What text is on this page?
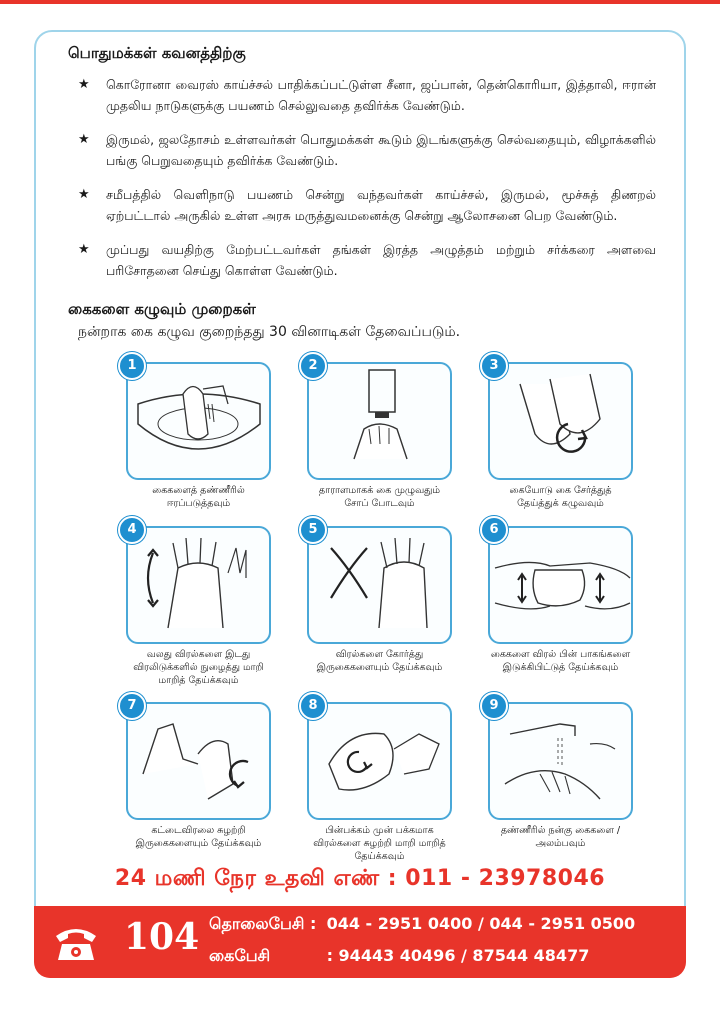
பொதுமக்கள் கவனத்திற்கு
★ கொரோனா வைரஸ் காய்ச்சல் பாதிக்கப்பட்டுள்ள சீனா, ஜப்பான், தென்கொரியா, இத்தாலி, ஈரான் முதலிய நாடுகளுக்கு பயணம் செல்லுவதை தவிர்க்க வேண்டும்.
★ இருமல், ஜலதோசம் உள்ளவர்கள் பொதுமக்கள் கூடும் இடங்களுக்கு செல்வதையும், விழாக்களில் பங்கு பெறுவதையும் தவிர்க்க வேண்டும்.
★ சமீபத்தில் வெளிநாடு பயணம் சென்று வந்தவர்கள் காய்ச்சல், இருமல், மூச்சுத் திணறல் ஏற்பட்டால் அருகில் உள்ள அரசு மருத்துவமனைக்கு சென்று ஆலோசனை பெற வேண்டும்.
★ முப்பது வயதிற்கு மேற்பட்டவர்கள் தங்கள் இரத்த அழுத்தம் மற்றும் சர்க்கரை அளவை பரிசோதனை செய்து கொள்ள வேண்டும்.
கைகளை கழுவும் முறைகள்
நன்றாக கை கழுவ குறைந்தது 30 வினாடிகள் தேவைப்படும்.
1
கைகளைத் தண்ணீரில் ஈரப்படுத்தவும்
2
தாராளமாகக் கை முழுவதும் சோப் போடவும்
3
கையோடு கை சேர்த்துத் தேய்த்துக் கழுவவும்
4
வலது விரல்களை இடது விரலிடுக்களில் நுழைத்து மாறி மாறித் தேய்க்கவும்
5
விரல்களை கோர்த்து இருகைகளையும் தேய்க்கவும்
6
கைகளை விரல் பின் பாகங்களை இடுக்கிபிட்டுத் தேய்க்கவும்
7
கட்டைவிரலை சுழற்றி இருகைகளையும் தேய்க்கவும்
8
பின்பக்கம் முன் பக்கமாக விரல்களை சுழற்றி மாறி மாறித் தேய்க்கவும்
9
தண்ணீரில் நன்கு கைகளை / அலம்பவும்
24 மணி நேர உதவி எண் : 011 - 23978046
104 தொலைபேசி : 044 - 2951 0400 / 044 - 2951 0500
கைபேசி	: 94443 40496 / 87544 48477
